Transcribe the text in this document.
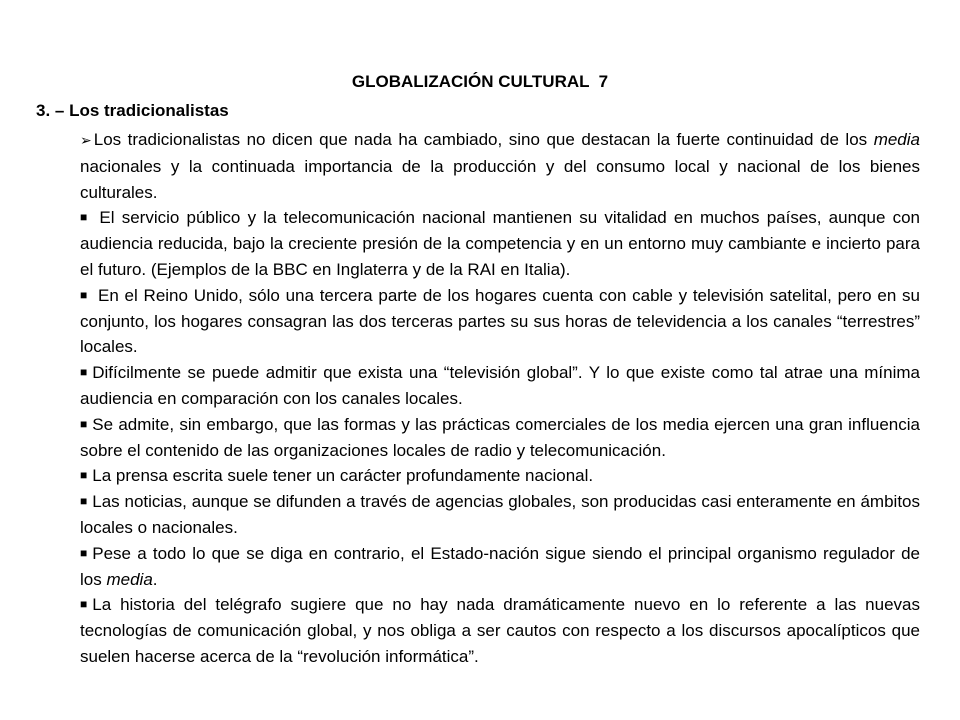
GLOBALIZACIÓN CULTURAL  7
3. – Los tradicionalistas

➢ Los tradicionalistas no dicen que nada ha cambiado, sino que destacan la fuerte continuidad de los media nacionales y la continuada importancia de la producción y del consumo local y nacional de los bienes culturales.

■ El servicio público y la telecomunicación nacional mantienen su vitalidad en muchos países, aunque con audiencia reducida, bajo la creciente presión de la competencia y en un entorno muy cambiante e incierto para el futuro. (Ejemplos de la BBC en Inglaterra y de la RAI en Italia).

■ En el Reino Unido, sólo una tercera parte de los hogares cuenta con cable y televisión satelital, pero en su conjunto, los hogares consagran las dos terceras partes su sus horas de televidencia a los canales “terrestres” locales.

■ Difícilmente se puede admitir que exista una “televisión global”. Y lo que existe como tal atrae una mínima audiencia en comparación con los canales locales.

■ Se admite, sin embargo, que las formas y las prácticas comerciales de los media ejercen una gran influencia sobre el contenido de las organizaciones locales de radio y telecomunicación.

■ La prensa escrita suele tener un carácter profundamente nacional.

■ Las noticias, aunque se difunden a través de agencias globales, son producidas casi enteramente en ámbitos locales o nacionales.

■ Pese a todo lo que se diga en contrario, el Estado-nación sigue siendo el principal organismo regulador de los media.

■ La historia del telégrafo sugiere que no hay nada dramáticamente nuevo en lo referente a las nuevas tecnologías de comunicación global, y nos obliga a ser cautos con respecto a los discursos apocalípticos que suelen hacerse acerca de la “revolución informática”.
